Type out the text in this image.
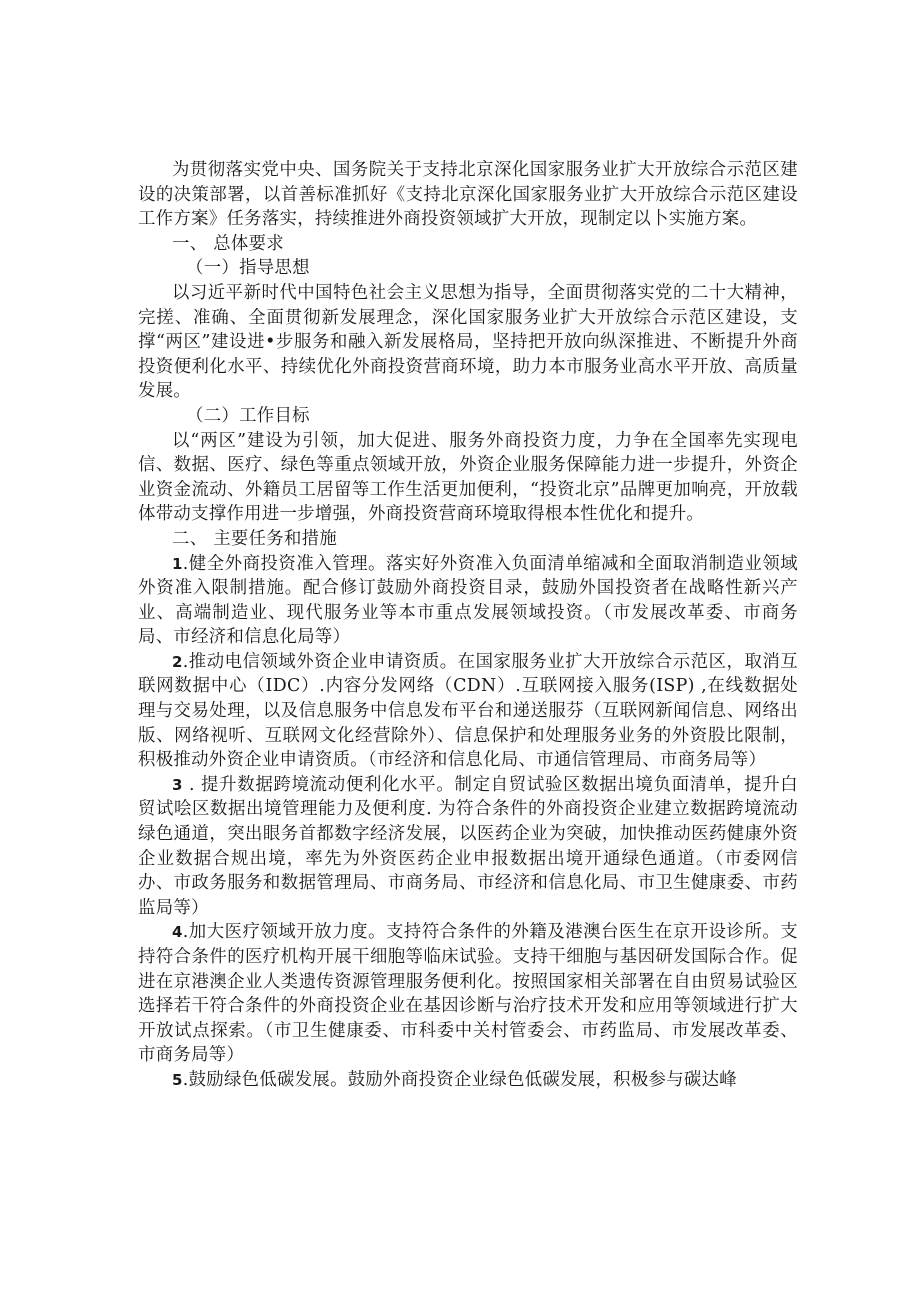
为贯彻落实党中央、国务院关于支持北京深化国家服务业扩大开放综合示范区建设的决策部署，以首善标准抓好《支持北京深化国家服务业扩大开放综合示范区建设工作方案》任务落实，持续推进外商投资领域扩大开放，现制定以卜实施方案。

一、 总体要求

（一）指导思想

以习近平新时代中国特色社会主义思想为指导，全面贯彻落实党的二十大精神，完搓、准确、全面贯彻新发展理念，深化国家服务业扩大开放综合示范区建设，支撑“两区”建设进•步服务和融入新发展格局，坚持把开放向纵深推进、不断提升外商投资便利化水平、持续优化外商投资营商环境，助力本市服务业高水平开放、高质量发展。

（二）工作目标

以“两区”建设为引领，加大促进、服务外商投资力度，力争在全国率先实现电信、数据、医疗、绿色等重点领域开放，外资企业服务保障能力进一步提升，外资企业资金流动、外籍员工居留等工作生活更加便利，“投资北京”品牌更加响亮，开放载体带动支撑作用进一步增强，外商投资营商环境取得根本性优化和提升。

二、 主要任务和措施

1.健全外商投资准入管理。落实好外资准入负面清单缩减和全面取消制造业领域外资准入限制措施。配合修订鼓励外商投资目录，鼓励外国投资者在战略性新兴产业、高端制造业、现代服务业等本市重点发展领域投资。（市发展改革委、市商务局、市经济和信息化局等）

2.推动电信领域外资企业申请资质。在国家服务业扩大开放综合示范区，取消互联网数据中心（IDC）.内容分发网络（CDN）.互联网接入服务(ISP) ,在线数据处理与交易处理，以及信息服务中信息发布平台和递送服芬（互联网新闻信息、网络出版、网络视听、互联网文化经营除外）、信息保护和处理服务业务的外资股比限制，积极推动外资企业申请资质。（市经济和信息化局、市通信管理局、市商务局等）

3 . 提升数据跨境流动便利化水平。制定自贸试验区数据出境负面清单，提升白贸试哙区数据出境管理能力及便利度. 为符合条件的外商投资企业建立数据跨境流动绿色通道，突出眼务首都数字经济发展，以医药企业为突破，加快推动医药健康外资企业数据合规出境，率先为外资医药企业申报数据出境开通绿色通道。（市委网信办、市政务服务和数据管理局、市商务局、市经济和信息化局、市卫生健康委、市药监局等）

4.加大医疗领域开放力度。支持符合条件的外籍及港澳台医生在京开设诊所。支持符合条件的医疗机构开展干细胞等临床试验。支持干细胞与基因研发国际合作。促进在京港澳企业人类遗传资源管理服务便利化。按照国家相关部署在自由贸易试验区选择若干符合条件的外商投资企业在基因诊断与治疗技术开发和应用等领域进行扩大开放试点探索。（市卫生健康委、市科委中关村管委会、市药监局、市发展改革委、市商务局等）

5.鼓励绿色低碳发展。鼓励外商投资企业绿色低碳发展，积极参与碳达峰
